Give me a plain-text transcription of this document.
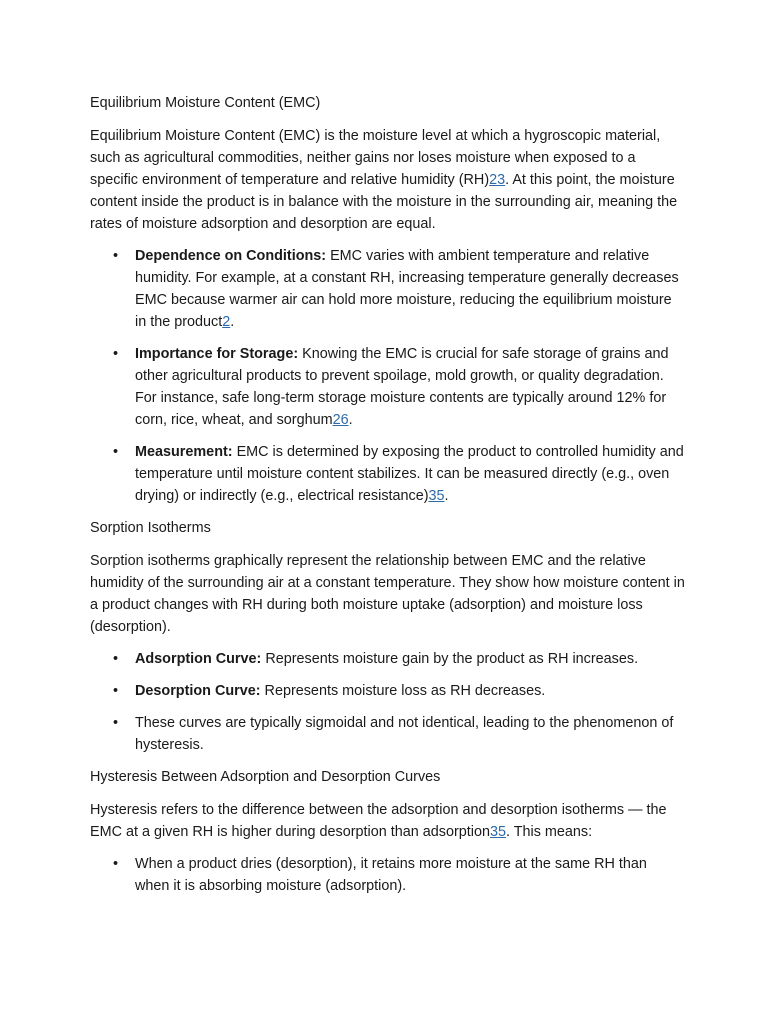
Equilibrium Moisture Content (EMC)

Equilibrium Moisture Content (EMC) is the moisture level at which a hygroscopic material, such as agricultural commodities, neither gains nor loses moisture when exposed to a specific environment of temperature and relative humidity (RH)23. At this point, the moisture content inside the product is in balance with the moisture in the surrounding air, meaning the rates of moisture adsorption and desorption are equal.

• Dependence on Conditions: EMC varies with ambient temperature and relative humidity. For example, at a constant RH, increasing temperature generally decreases EMC because warmer air can hold more moisture, reducing the equilibrium moisture in the product2.
• Importance for Storage: Knowing the EMC is crucial for safe storage of grains and other agricultural products to prevent spoilage, mold growth, or quality degradation. For instance, safe long-term storage moisture contents are typically around 12% for corn, rice, wheat, and sorghum26.
• Measurement: EMC is determined by exposing the product to controlled humidity and temperature until moisture content stabilizes. It can be measured directly (e.g., oven drying) or indirectly (e.g., electrical resistance)35.
Sorption Isotherms

Sorption isotherms graphically represent the relationship between EMC and the relative humidity of the surrounding air at a constant temperature. They show how moisture content in a product changes with RH during both moisture uptake (adsorption) and moisture loss (desorption).

• Adsorption Curve: Represents moisture gain by the product as RH increases.
• Desorption Curve: Represents moisture loss as RH decreases.
• These curves are typically sigmoidal and not identical, leading to the phenomenon of hysteresis.
Hysteresis Between Adsorption and Desorption Curves

Hysteresis refers to the difference between the adsorption and desorption isotherms — the EMC at a given RH is higher during desorption than adsorption35. This means:

• When a product dries (desorption), it retains more moisture at the same RH than when it is absorbing moisture (adsorption).
